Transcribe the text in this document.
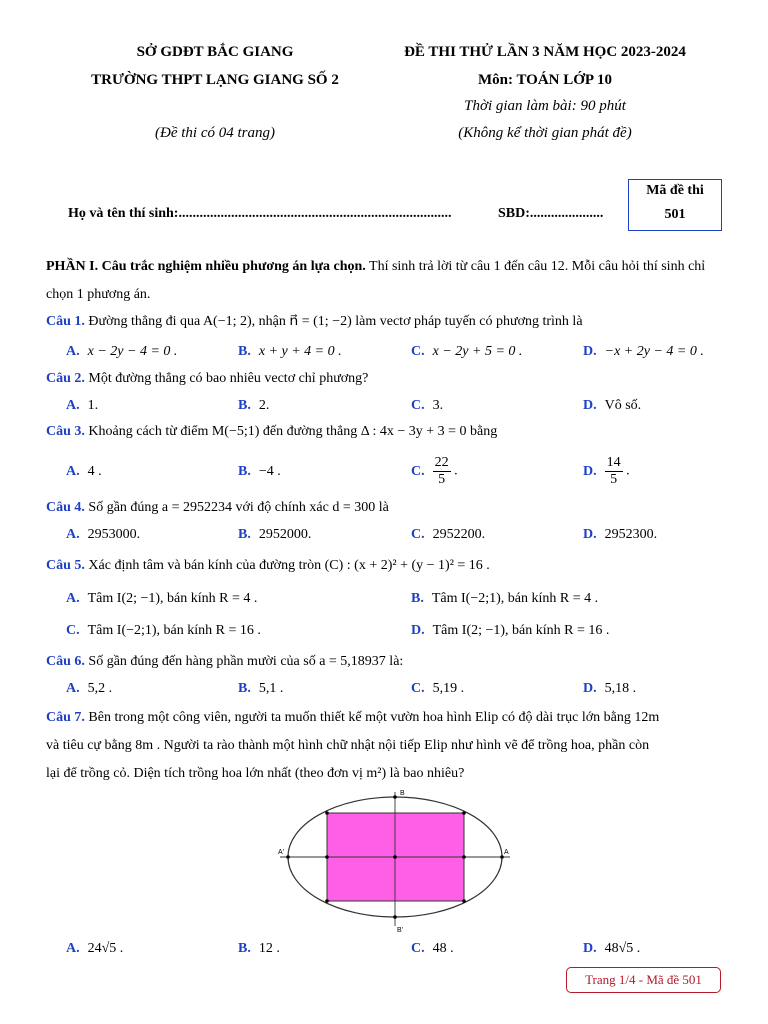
SỞ GDĐT BẮC GIANG
TRƯỜNG THPT LẠNG GIANG SỐ 2
(Đề thi có 04 trang)
ĐỀ THI THỬ LẦN 3 NĂM HỌC 2023-2024
Môn: TOÁN LỚP 10
Thời gian làm bài: 90 phút
(Không kể thời gian phát đề)
Họ và tên thí sinh:..............................................................................	SBD:.....................
Mã đề thi
501
PHẦN I. Câu trắc nghiệm nhiều phương án lựa chọn. Thí sinh trả lời từ câu 1 đến câu 12. Mỗi câu hỏi thí sinh chỉ chọn 1 phương án.
Câu 1. Đường thẳng đi qua A(−1; 2), nhận n⃗ = (1; −2) làm vectơ pháp tuyến có phương trình là
A. x − 2y − 4 = 0 .	B. x + y + 4 = 0 .	C. x − 2y + 5 = 0 .	D. −x + 2y − 4 = 0 .
Câu 2. Một đường thẳng có bao nhiêu vectơ chỉ phương?
A. 1.	B. 2.	C. 3.	D. Vô số.
Câu 3. Khoảng cách từ điểm M(−5;1) đến đường thẳng Δ : 4x − 3y + 3 = 0 bằng
A. 4 .	B. −4 .	C. $\frac{22}{5}$ .	D. $\frac{14}{5}$ .
Câu 4. Số gần đúng a = 2952234 với độ chính xác d = 300 là
A. 2953000.	B. 2952000.	C. 2952200.	D. 2952300.
Câu 5. Xác định tâm và bán kính của đường tròn (C) : (x + 2)² + (y − 1)² = 16 .
A. Tâm I(2; −1), bán kính R = 4 .	B. Tâm I(−2;1), bán kính R = 4 .
C. Tâm I(−2;1), bán kính R = 16 .	D. Tâm I(2; −1), bán kính R = 16 .
Câu 6. Số gần đúng đến hàng phần mười của số a = 5,18937 là:
A. 5,2 .	B. 5,1 .	C. 5,19 .	D. 5,18 .
Câu 7. Bên trong một công viên, người ta muốn thiết kế một vườn hoa hình Elip có độ dài trục lớn bằng 12m
và tiêu cự bằng 8m . Người ta rào thành một hình chữ nhật nội tiếp Elip như hình vẽ để trồng hoa, phần còn
lại để trồng cỏ. Diện tích trồng hoa lớn nhất (theo đơn vị m²) là bao nhiêu?
B
B'
A'	A
A. 24√5 .	B. 12 .	C. 48 .	D. 48√5 .
Trang 1/4 - Mã đề 501
